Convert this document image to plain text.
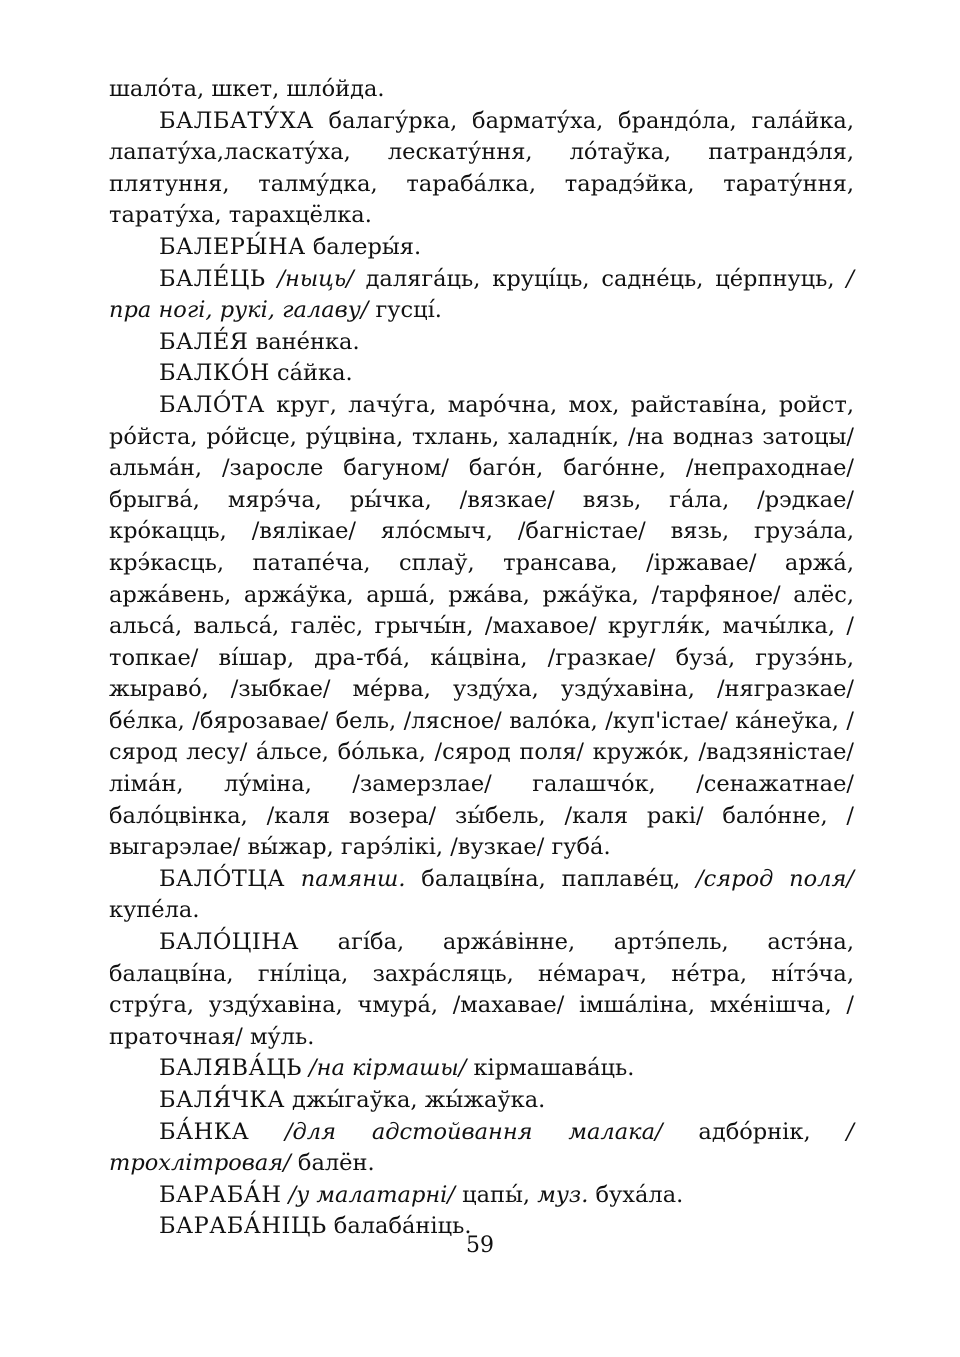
шало́та, шкет, шло́йда.

БАЛБАТУ́ХА балагу́рка, бармату́ха, брандо́ла, гала́йка, лапату́ха,ласкату́ха, лескату́ння, ло́таўка, патрандэ́ля, плятуння, талму́дка, тараба́лка, тарадэ́йка, тарату́ння, тарату́ха, тарахцёлка.

БАЛЕРЫ́НА балеры́я.

БАЛЕ́ЦЬ /ныць/ даляга́ць, круці́ць, садне́ць, це́рпнуць, /пра ногі, рукі, галаву/ гусці́.

БАЛЕ́Я ване́нка.

БАЛКО́Н са́йка.

БАЛО́ТА круг, лачу́га, маро́чна, мох, райставі́на, ройст, ро́йста, ро́йсце, ру́цвіна, тхлань, халадні́к, /на водназ затоцы/ альма́н, /заросле багуном/ баго́н, баго́нне, /непраходнае/ брыгва́, мярэ́ча, ры́чка, /вязкае/ вязь, га́ла, /рэдкае/ кро́кацць, /вялікае/ яло́смыч, /багністае/ вязь, груза́ла, крэ́касць, патапе́ча, сплаў, трансава, /іржавае/ аржа́, аржа́вень, аржа́ўка, арша́, ржа́ва, ржа́ўка, /тарфяное/ алёс, альса́, вальса́, галёс, грычы́н, /махавое/ кругля́к, мачы́лка, /топкае/ ві́шар, дра-тба́, ка́цвіна, /гразкае/ буза́, грузэ́нь, жыраво́, /зыбкае/ ме́рва, узду́ха, узду́хавіна, /нягразкае/ бе́лка, /бярозавае/ бель, /лясное/ вало́ка, /куп'істае/ ка́неўка, /сярод лесу/ а́льсе, бо́лька, /сярод поля/ кружо́к, /вадзяністае/ ліма́н, лу́міна, /замерзлае/ галашчо́к, /сенажатнае/ бало́цвінка, /каля возера/ зы́бель, /каля ракі/ бало́нне, /выгарэлае/ вы́жар, гарэ́лікі, /вузкае/ губа́.

БАЛО́ТЦА памянш. балацві́на, паплаве́ц, /сярод поля/ купе́ла.

БАЛО́ЦІНА агі́ба, аржа́вінне, артэ́пель, астэ́на, балацві́на, гні́ліца, захра́сляць, не́марач, не́тра, ні́тэ́ча, стру́га, узду́хавіна, чмура́, /махавае/ імша́ліна, мхе́нішча, /праточная/ му́ль.

БАЛЯВА́ЦЬ /на кірмашы/ кірмашава́ць.

БАЛЯ́ЧКА джы́гаўка, жы́жаўка.

БА́НКА /для адстойвання малака/ адбо́рнік, /трохлітровая/ балён.

БАРАБА́Н /у малатарні/ цапы́, муз. буха́ла.

БАРАБА́НІЦЬ балаба́ніць.

59
